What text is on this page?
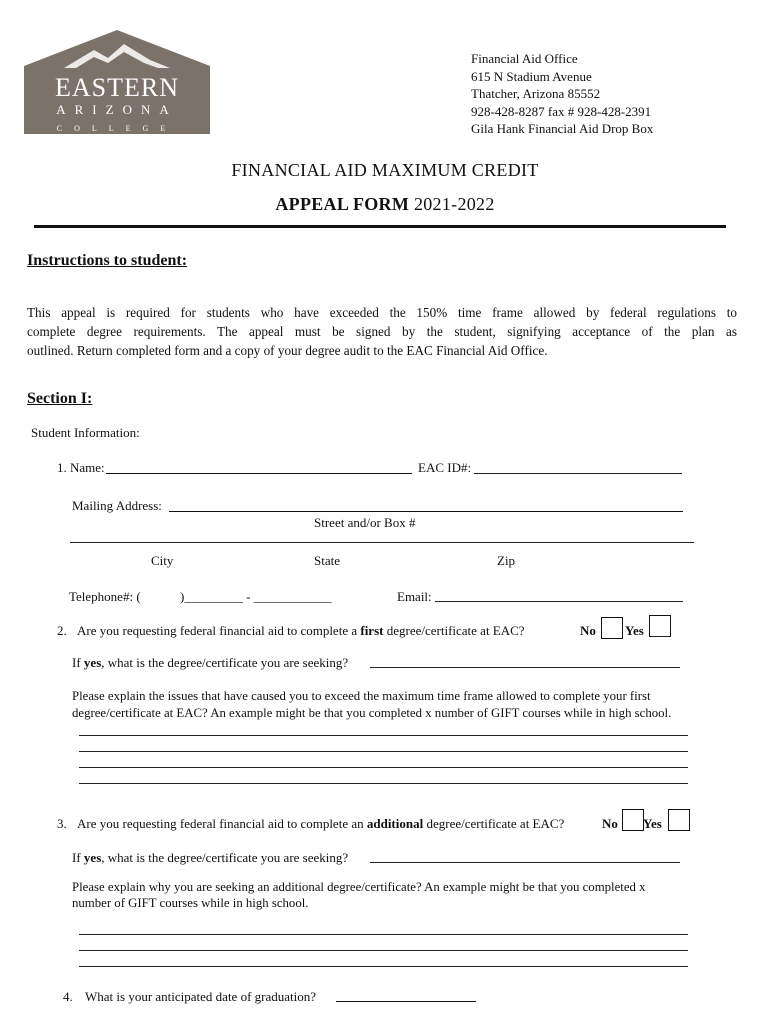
EASTERN
ARIZONA
COLLEGE
Financial Aid Office
615 N Stadium Avenue
Thatcher, Arizona 85552
928-428-8287 fax # 928-428-2391
Gila Hank Financial Aid Drop Box
FINANCIAL AID MAXIMUM CREDIT
APPEAL FORM 2021-2022
Instructions to student:
This appeal is required for students who have exceeded the 150% time frame allowed by federal regulations to
complete degree requirements. The appeal must be signed by the student, signifying acceptance of the plan as
outlined. Return completed form and a copy of your degree audit to the EAC Financial Aid Office.
Section I:
Student Information:
1. Name:	EAC ID#:
Mailing Address:
Street and/or Box #
City	State	Zip
Telephone#: (	)_________ - ____________	Email:
2. Are you requesting federal financial aid to complete a first degree/certificate at EAC?	No Yes
If yes, what is the degree/certificate you are seeking?
Please explain the issues that have caused you to exceed the maximum time frame allowed to complete your first
degree/certificate at EAC? An example might be that you completed x number of GIFT courses while in high school.
3. Are you requesting federal financial aid to complete an additional degree/certificate at EAC?	No Yes
If yes, what is the degree/certificate you are seeking?
Please explain why you are seeking an additional degree/certificate? An example might be that you completed x
number of GIFT courses while in high school.
4. What is your anticipated date of graduation?
